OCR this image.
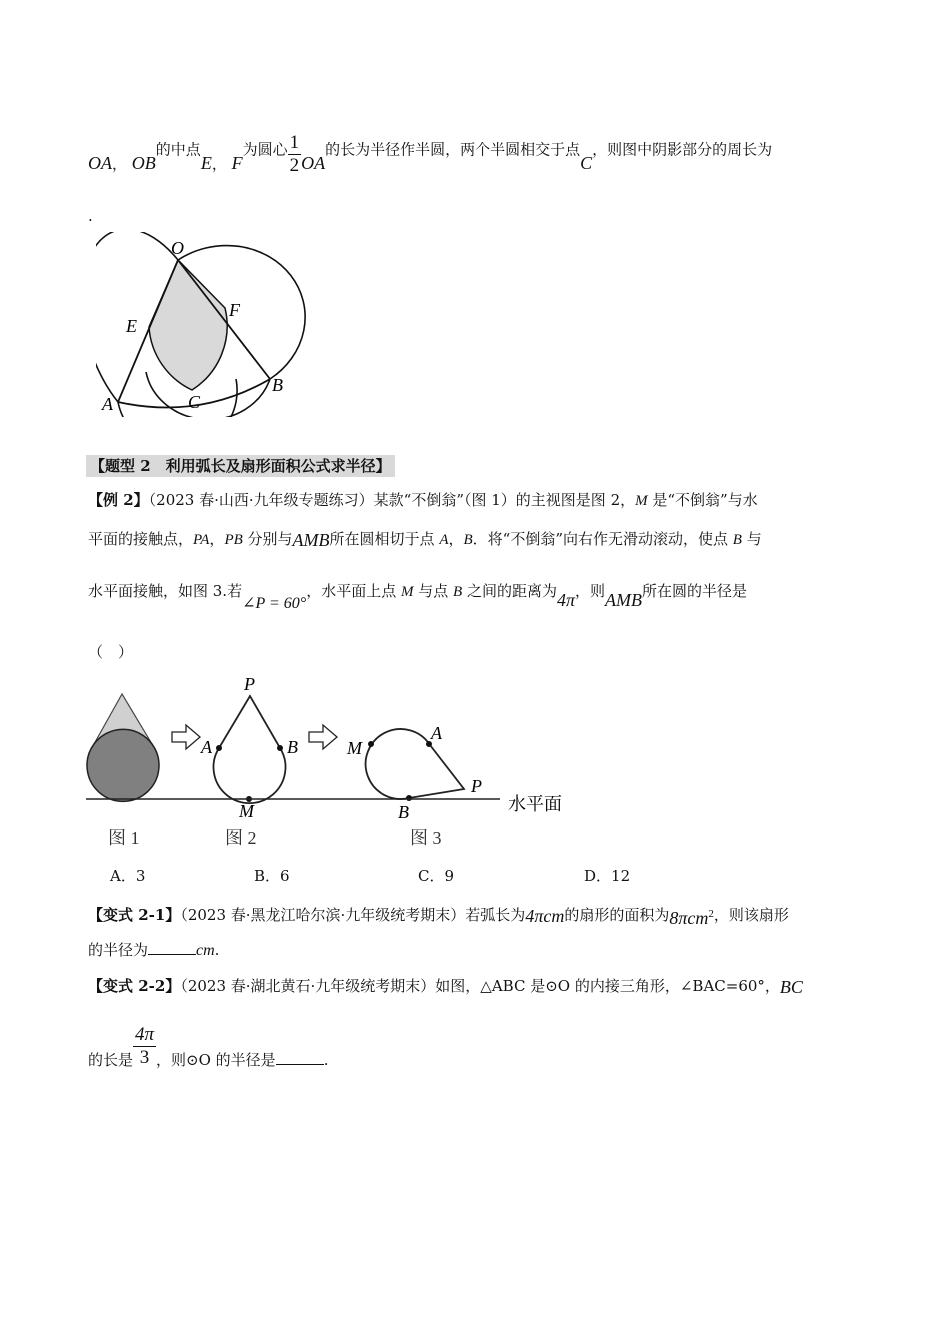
OA， OB的中点E， F为圆心 $\frac{1}{2}$ OA的长为半径作半圆，两个半圆相交于点C，则图中阴影部分的周长为
.
O
E
F
A
B
C
【题型 2　利用弧长及扇形面积公式求半径】
【例 2】（2023 春·山西·九年级专题练习）某款“不倒翁”（图 1）的主视图是图 2，M 是“不倒翁”与水
平面的接触点，PA，PB 分别与AMB所在圆相切于点 A，B．将“不倒翁”向右作无滑动滚动，使点 B 与
水平面接触，如图 3.若∠P = 60°，水平面上点 M 与点 B 之间的距离为4π，则AMB所在圆的半径是
（　）
P
A	B
M
M
A
P
B	水平面
图 1	图 2	图 3
A．3	B．6	C．9	D．12
【变式 2-1】（2023 春·黑龙江哈尔滨·九年级统考期末）若弧长为4πcm的扇形的面积为8πcm$^2$，则该扇形
的半径为	cm.
【变式 2-2】（2023 春·湖北黄石·九年级统考期末）如图，△ABC 是⊙O 的内接三角形，∠BAC=60°，BC
的长是 $\frac{4\pi}{3}$ ，则⊙O 的半径是	.
